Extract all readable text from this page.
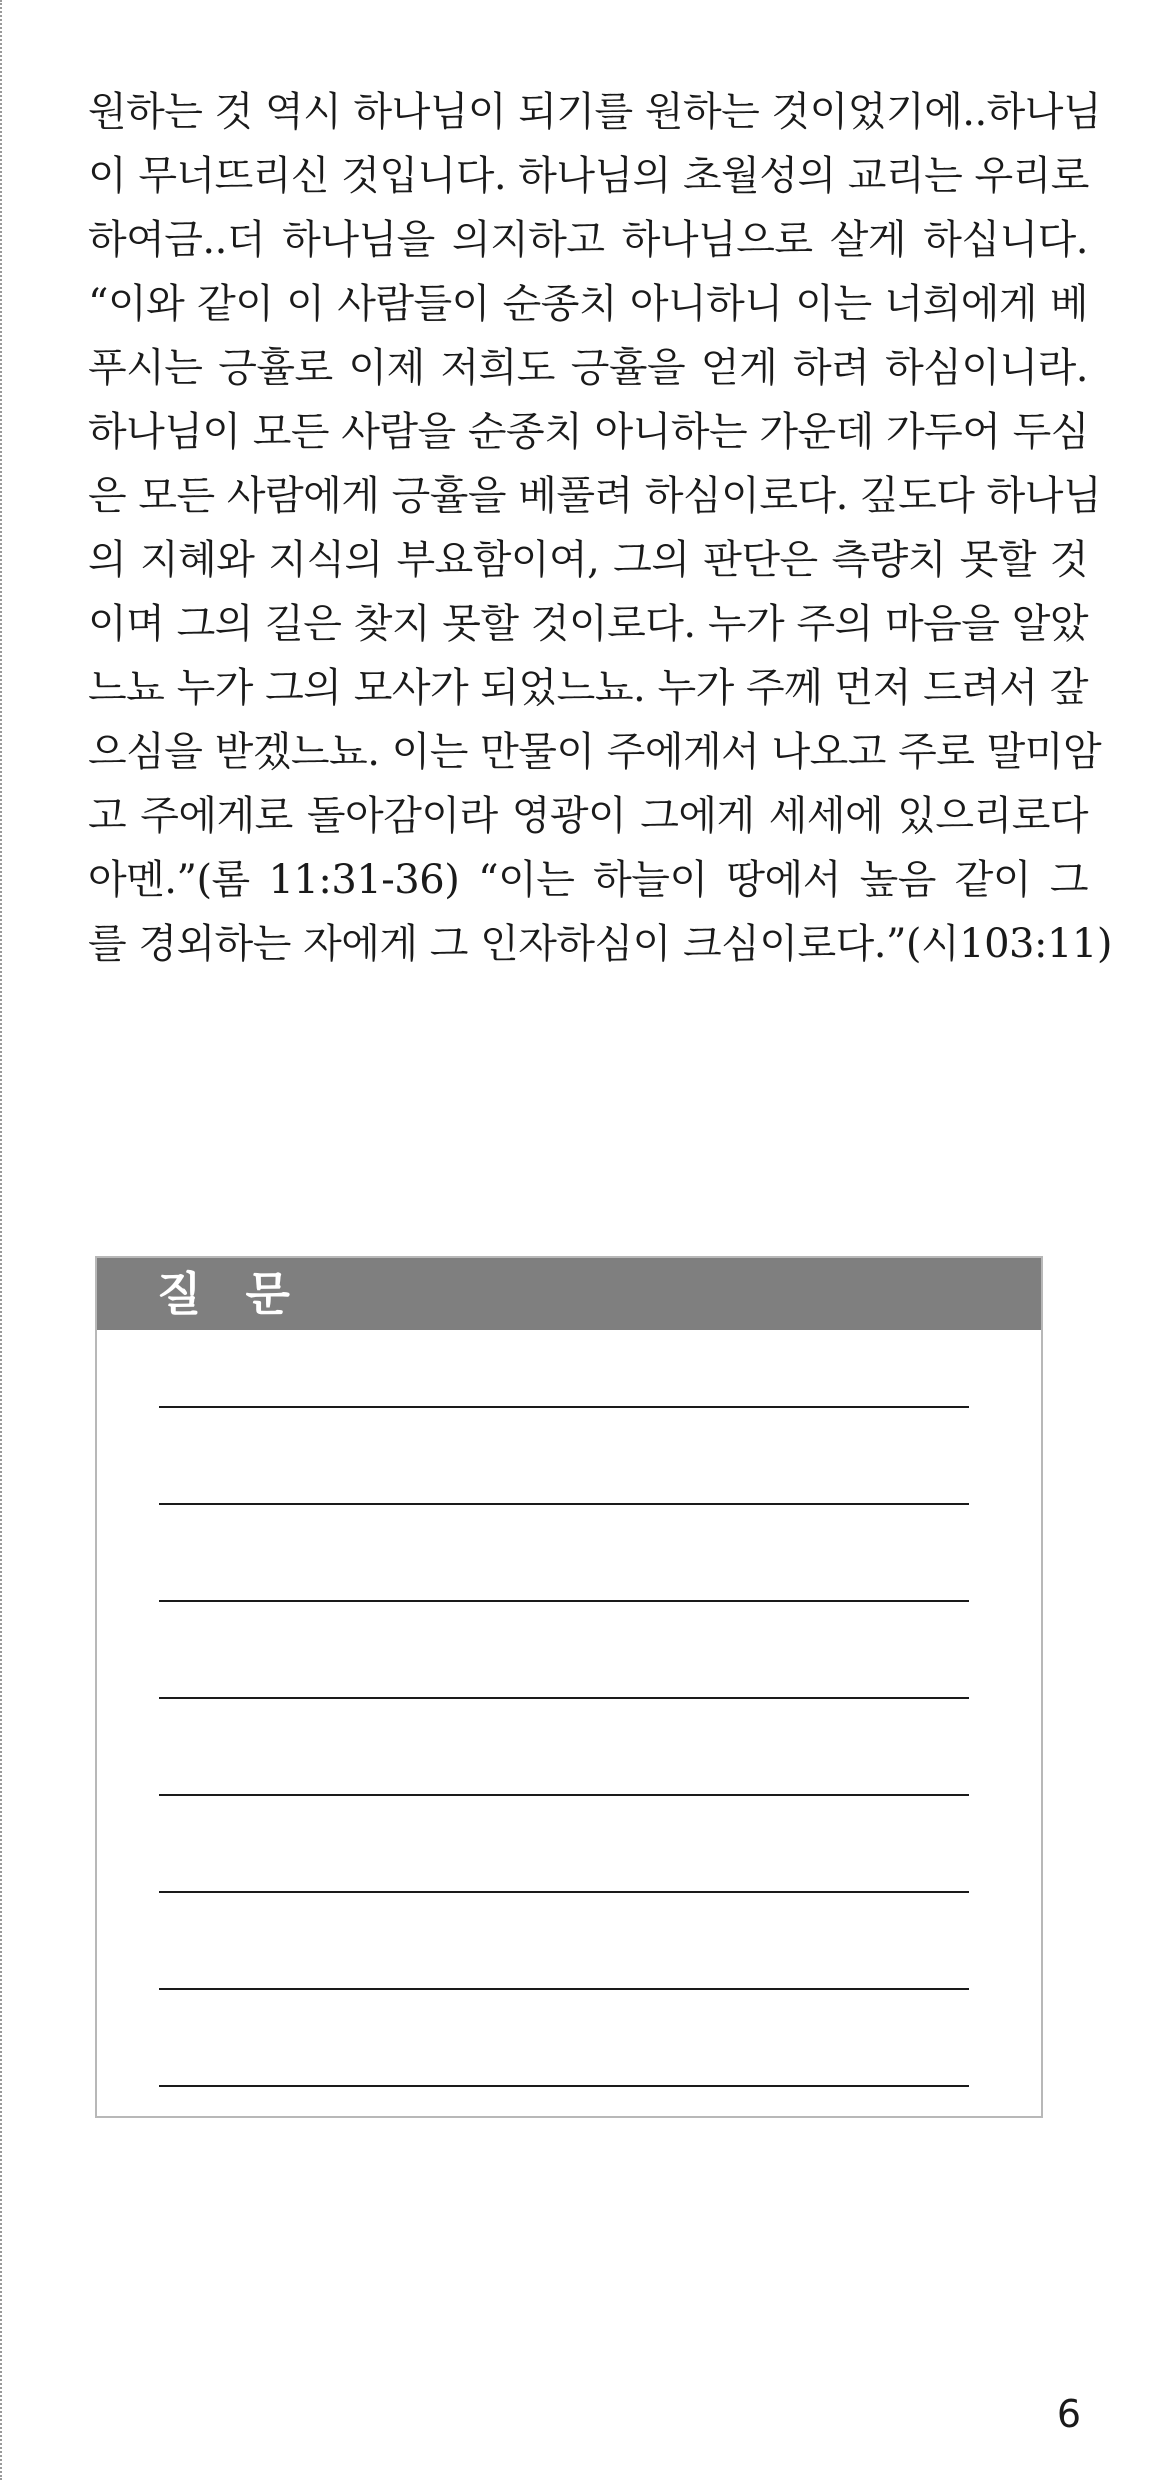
원하는 것 역시 하나님이 되기를 원하는 것이었기에..하나님
이 무너뜨리신 것입니다. 하나님의 초월성의 교리는 우리로
하여금..더 하나님을 의지하고 하나님으로 살게 하십니다.
“이와 같이 이 사람들이 순종치 아니하니 이는 너희에게 베
푸시는 긍휼로 이제 저희도 긍휼을 얻게 하려 하심이니라.
하나님이 모든 사람을 순종치 아니하는 가운데 가두어 두심
은 모든 사람에게 긍휼을 베풀려 하심이로다. 깊도다 하나님
의 지혜와 지식의 부요함이여, 그의 판단은 측량치 못할 것
이며 그의 길은 찾지 못할 것이로다. 누가 주의 마음을 알았
느뇨 누가 그의 모사가 되었느뇨. 누가 주께 먼저 드려서 갚
으심을 받겠느뇨. 이는 만물이 주에게서 나오고 주로 말미암
고 주에게로 돌아감이라 영광이 그에게 세세에 있으리로다
아멘.”(롬 11:31-36) “이는 하늘이 땅에서 높음 같이 그
를 경외하는 자에게 그 인자하심이 크심이로다.”(시103:11)
질 문
6
